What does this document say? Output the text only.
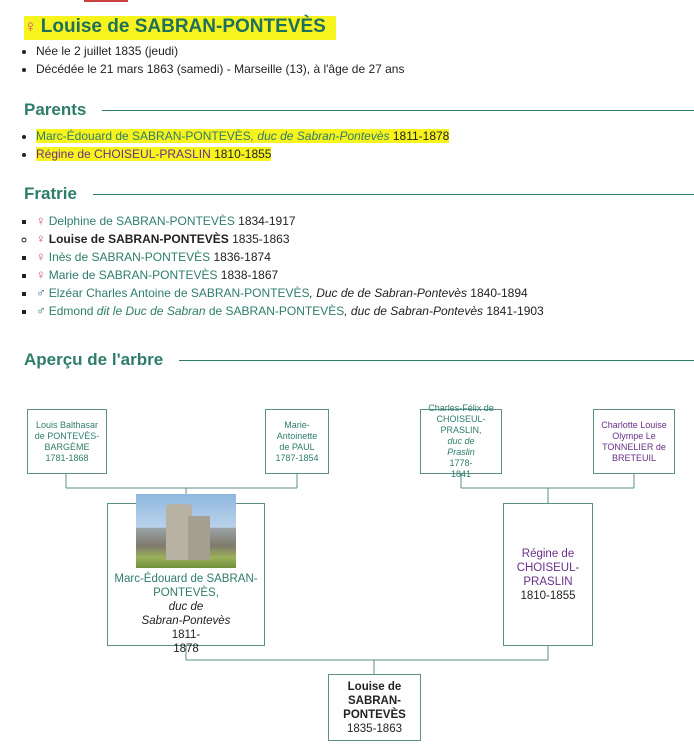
♀ Louise de SABRAN-PONTEVÈS
• Née le 2 juillet 1835 (jeudi)
• Décédée le 21 mars 1863 (samedi) - Marseille (13), à l'âge de 27 ans
Parents
• Marc-Édouard de SABRAN-PONTEVÈS, duc de Sabran-Pontevès 1811-1878
• Régine de CHOISEUL-PRASLIN 1810-1855
Fratrie
▪ ♀ Delphine de SABRAN-PONTEVÈS 1834-1917
◦ ♀ Louise de SABRAN-PONTEVÈS 1835-1863
▪ ♀ Inès de SABRAN-PONTEVÈS 1836-1874
▪ ♀ Marie de SABRAN-PONTEVÈS 1838-1867
▪ ♂ Elzéar Charles Antoine de SABRAN-PONTEVÈS, Duc de de Sabran-Pontevès 1840-1894
▪ ♂ Edmond dit le Duc de Sabran de SABRAN-PONTEVÈS, duc de Sabran-Pontevès 1841-1903
Aperçu de l'arbre
Louis Balthasar
de PONTEVÈS-
BARGÈME
1781-1868
Marie-
Antoinette
de PAUL
1787-1854
Charles-Félix de
CHOISEUL-
PRASLIN,
duc de
Praslin
1778-
1841
Charlotte Louise
Olympe Le
TONNELIER de
BRETEUIL
Marc-Édouard de SABRAN-
PONTEVÈS,
duc de
Sabran-Pontevès
1811-
1878
Régine de
CHOISEUL-
PRASLIN
1810-1855
Louise de
SABRAN-
PONTEVÈS
1835-1863
